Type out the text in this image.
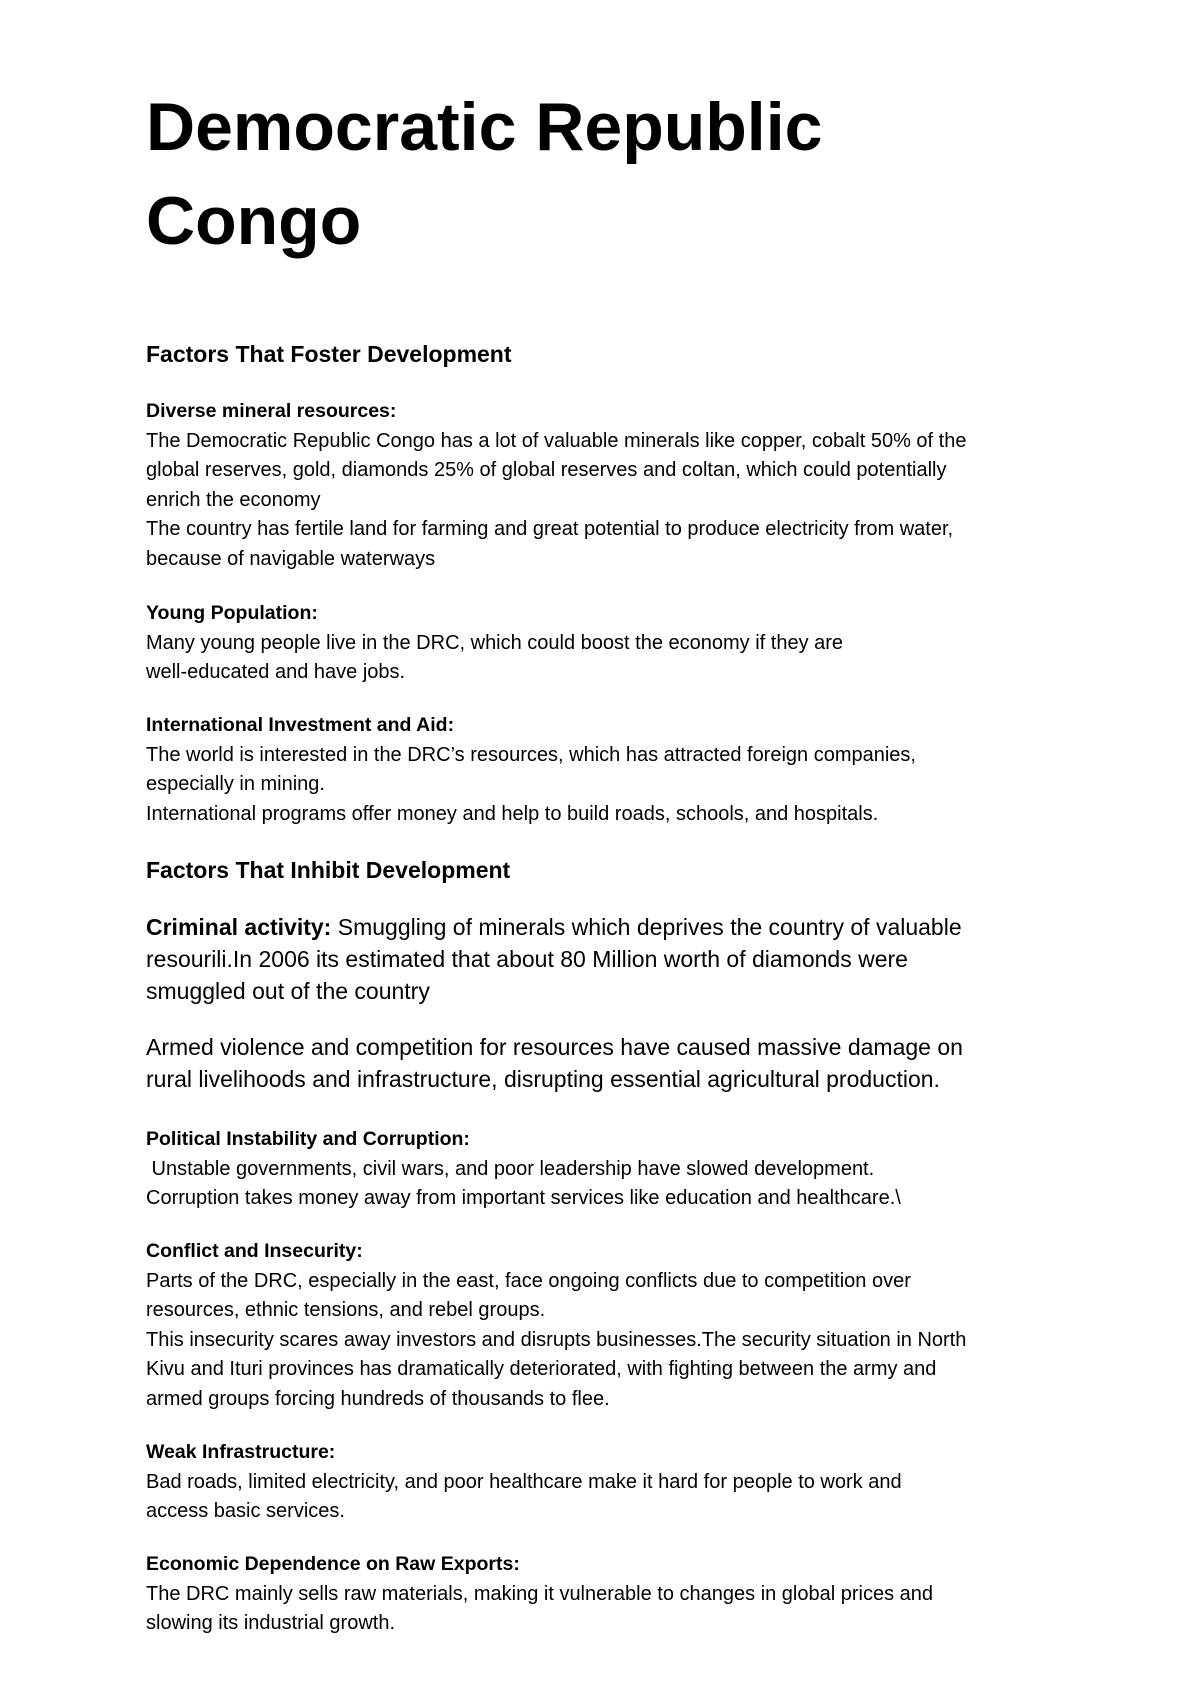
Democratic Republic
Congo
Factors That Foster Development
Diverse mineral resources:
The Democratic Republic Congo has a lot of valuable minerals like copper, cobalt 50% of the
global reserves, gold, diamonds 25% of global reserves and coltan, which could potentially
enrich the economy
The country has fertile land for farming and great potential to produce electricity from water,
because of navigable waterways
Young Population:
Many young people live in the DRC, which could boost the economy if they are
well-educated and have jobs.
International Investment and Aid:
The world is interested in the DRC’s resources, which has attracted foreign companies,
especially in mining.
International programs offer money and help to build roads, schools, and hospitals.
Factors That Inhibit Development
Criminal activity: Smuggling of minerals which deprives the country of valuable
resourili.In 2006 its estimated that about 80 Million worth of diamonds were
smuggled out of the country
Armed violence and competition for resources have caused massive damage on
rural livelihoods and infrastructure, disrupting essential agricultural production.
Political Instability and Corruption:
Unstable governments, civil wars, and poor leadership have slowed development.
Corruption takes money away from important services like education and healthcare.\
Conflict and Insecurity:
Parts of the DRC, especially in the east, face ongoing conflicts due to competition over
resources, ethnic tensions, and rebel groups.
This insecurity scares away investors and disrupts businesses.The security situation in North
Kivu and Ituri provinces has dramatically deteriorated, with fighting between the army and
armed groups forcing hundreds of thousands to flee.
Weak Infrastructure:
Bad roads, limited electricity, and poor healthcare make it hard for people to work and
access basic services.
Economic Dependence on Raw Exports:
The DRC mainly sells raw materials, making it vulnerable to changes in global prices and
slowing its industrial growth.
